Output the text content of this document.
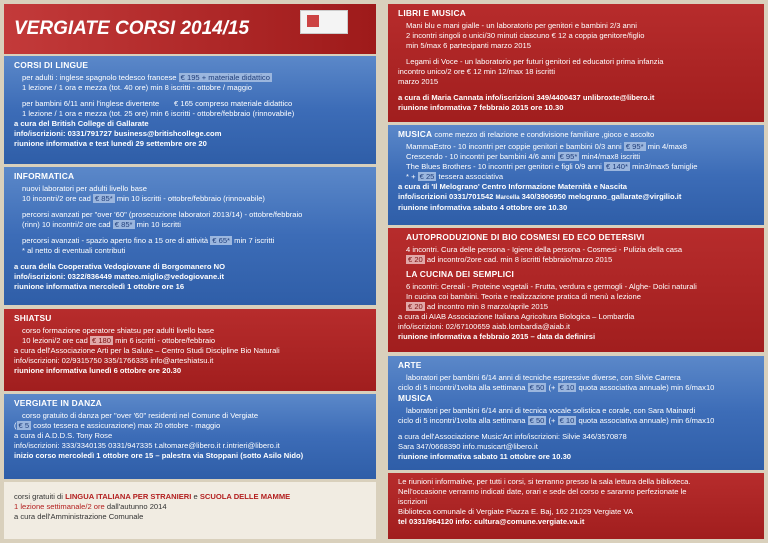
VERGIATE CORSI 2014/15
CORSI DI LINGUE

per adulti : inglese spagnolo tedesco francese € 195 + materiale didattico

1 lezione / 1 ora e mezza (tot. 40 ore) min 8 iscritti - ottobre / maggio

per bambini 6/11 anni l'inglese divertente € 165 compreso materiale didattico

1 lezione / 1 ora e mezza (tot. 25 ore) min 6 iscritti - ottobre/febbraio (rinnovabile)

a cura del British College di Gallarate

info/iscrizioni: 0331/791727 business@britishcollege.com

riunione informativa e test lunedì 29 settembre ore 20

INFORMATICA

nuovi laboratori per adulti livello base

10 incontri/2 ore cad € 85* min 10 iscritti - ottobre/febbraio (rinnovabile)

percorsi avanzati per "over '60" (prosecuzione laboratori 2013/14) - ottobre/febbraio

(rinn) 10 incontri/2 ore cad € 85* min 10 iscritti

percorsi avanzati - spazio aperto fino a 15 ore di attività € 65* min 7 iscritti

* al netto di eventuali contributi

a cura della Cooperativa Vedogiovane di Borgomanero NO

info/iscrizioni: 0322/836449 matteo.miglio@vedogiovane.it

riunione informativa mercoledì 1 ottobre ore 16

SHIATSU

corso formazione operatore shiatsu per adulti livello base

10 lezioni/2 ore cad € 180 min 6 iscritti - ottobre/febbraio

a cura dell'Associazione Arti per la Salute – Centro Studi Discipline Bio Naturali

info/iscrizioni: 02/9315750 335/1766335 info@arteshiatsu.it

riunione informativa lunedì 6 ottobre ore 20.30

VERGIATE IN DANZA

corso gratuito di danza per "over '60" residenti nel Comune di Vergiate

( € 5 costo tessera e assicurazione) max 20 ottobre - maggio

a cura di A.D.D.S. Tony Rose

info/iscrizioni: 333/3340135 0331/947335 t.altomare@libero.it r.intrieri@libero.it

inizio corso mercoledì 1 ottobre ore 15 – palestra via Stoppani (sotto Asilo Nido)

corsi gratuiti di LINGUA ITALIANA PER STRANIERI e SCUOLA DELLE MAMME

1 lezione settimanale/2 ore dall'autunno 2014

a cura dell'Amministrazione Comunale

LIBRI E MUSICA

Mani blu e mani gialle - un laboratorio per genitori e bambini 2/3 anni

2 incontri singoli o unici/30 minuti ciascuno € 12 a coppia genitore/figlio

min 5/max 6 partecipanti marzo 2015

Legami di Voce - un laboratorio per futuri genitori ed educatori prima infanzia

incontro unico/2 ore € 12 min 12/max 18 iscritti

marzo 2015

a cura di Maria Cannata info/iscrizioni 349/4400437 unlibroxte@libero.it

riunione informativa 7 febbraio 2015 ore 10.30

MUSICA come mezzo di relazione e condivisione familiare ,gioco e ascolto

MammaEstro - 10 incontri per coppie genitori e bambini 0/3 anni € 95* min 4/max8

Crescendo - 10 incontri per bambini 4/6 anni € 95* min4/max8 iscritti

The Blues Brothers - 10 incontri per genitori e figli 0/9 anni € 140* min3/max5 famiglie

* + € 25 tessera associativa

a cura di 'Il Melograno' Centro Informazione Maternità e Nascita

info/iscrizioni 0331/701542 Marcella 340/3906950 melograno_gallarate@virgilio.it

riunione informativa sabato 4 ottobre ore 10.30

AUTOPRODUZIONE DI BIO COSMESI ED ECO DETERSIVI

4 incontri. Cura delle persona - Igiene della persona - Cosmesi - Pulizia della casa

€ 20 ad incontro/2ore cad. min 8 iscritti febbraio/marzo 2015

LA CUCINA DEI SEMPLICI

6 incontri: Cereali - Proteine vegetali - Frutta, verdura e germogli - Alghe- Dolci naturali

In cucina coi bambini. Teoria e realizzazione pratica di menù a lezione

€ 20 ad incontro min 8 marzo/aprile 2015

a cura di AIAB Associazione Italiana Agricoltura Biologica – Lombardia

info/iscrizioni: 02/67100659 aiab.lombardia@aiab.it

riunione informativa a febbraio 2015 – data da definirsi

ARTE

laboratori per bambini 6/14 anni di tecniche espressive diverse, con Silvie Carrera

ciclo di 5 incontri/1volta alla settimana € 50 (+ € 10 quota associativa annuale) min 6/max10

MUSICA

laboratori per bambini 6/14 anni di tecnica vocale solistica e corale, con Sara Mainardi

ciclo di 5 incontri/1volta alla settimana € 50 (+ € 10 quota associativa annuale) min 6/max10

a cura dell'Associazione Music'Art info/iscrizioni: Silvie 346/3570878

Sara 347/0668390 info.musicart@libero.it

riunione informativa sabato 11 ottobre ore 10.30

Le riunioni informative, per tutti i corsi, si terranno presso la sala lettura della biblioteca.

Nell'occasione verranno indicati date, orari e sede del corso e saranno perfezionate le

iscrizioni

Biblioteca comunale di Vergiate Piazza E. Baj, 162 21029 Vergiate VA

tel 0331/964120 info: cultura@comune.vergiate.va.it
